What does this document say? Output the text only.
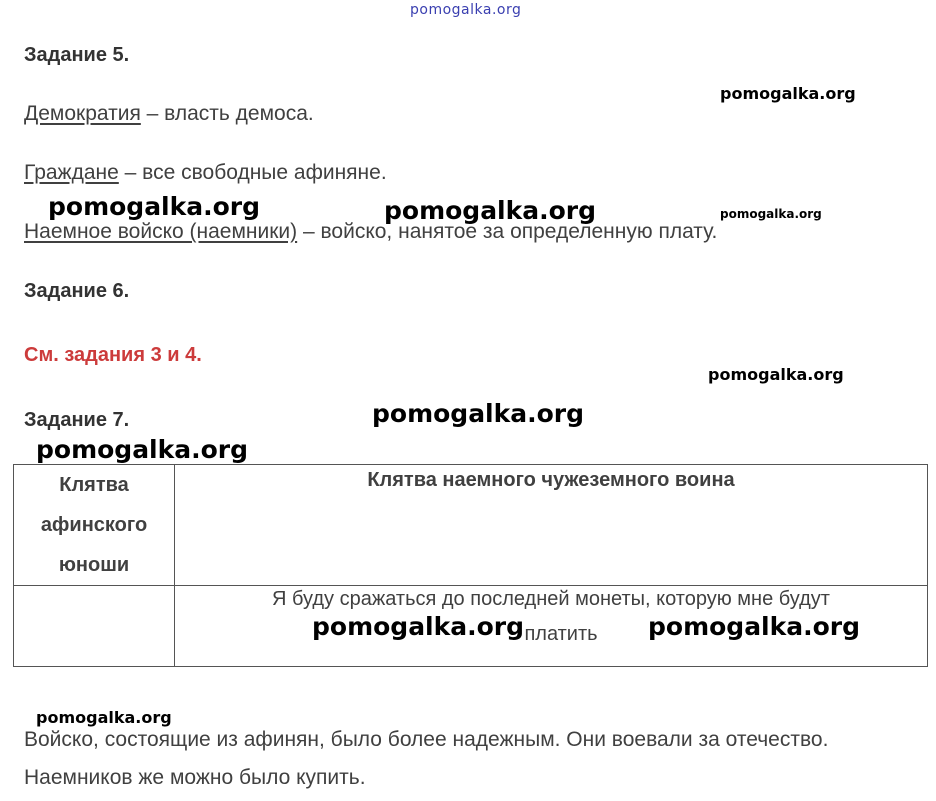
pomogalka.org
Задание 5.
Демократия – власть демоса.
Граждане – все свободные афиняне.
Наемное войско (наемники) – войско, нанятое за определенную плату.
Задание 6.
См. задания 3 и 4.
Задание 7.
Клятва
афинского
юноши	Клятва наемного чужеземного воина
	Я буду сражаться до последней монеты, которую мне будут
платить
Войско, состоящие из афинян, было более надежным. Они воевали за отечество.
Наемников же можно было купить.
pomogalka.org
pomogalka.org	pomogalka.org	pomogalka.org
pomogalka.org
pomogalka.org
pomogalka.org
pomogalka.org	pomogalka.org
pomogalka.org
